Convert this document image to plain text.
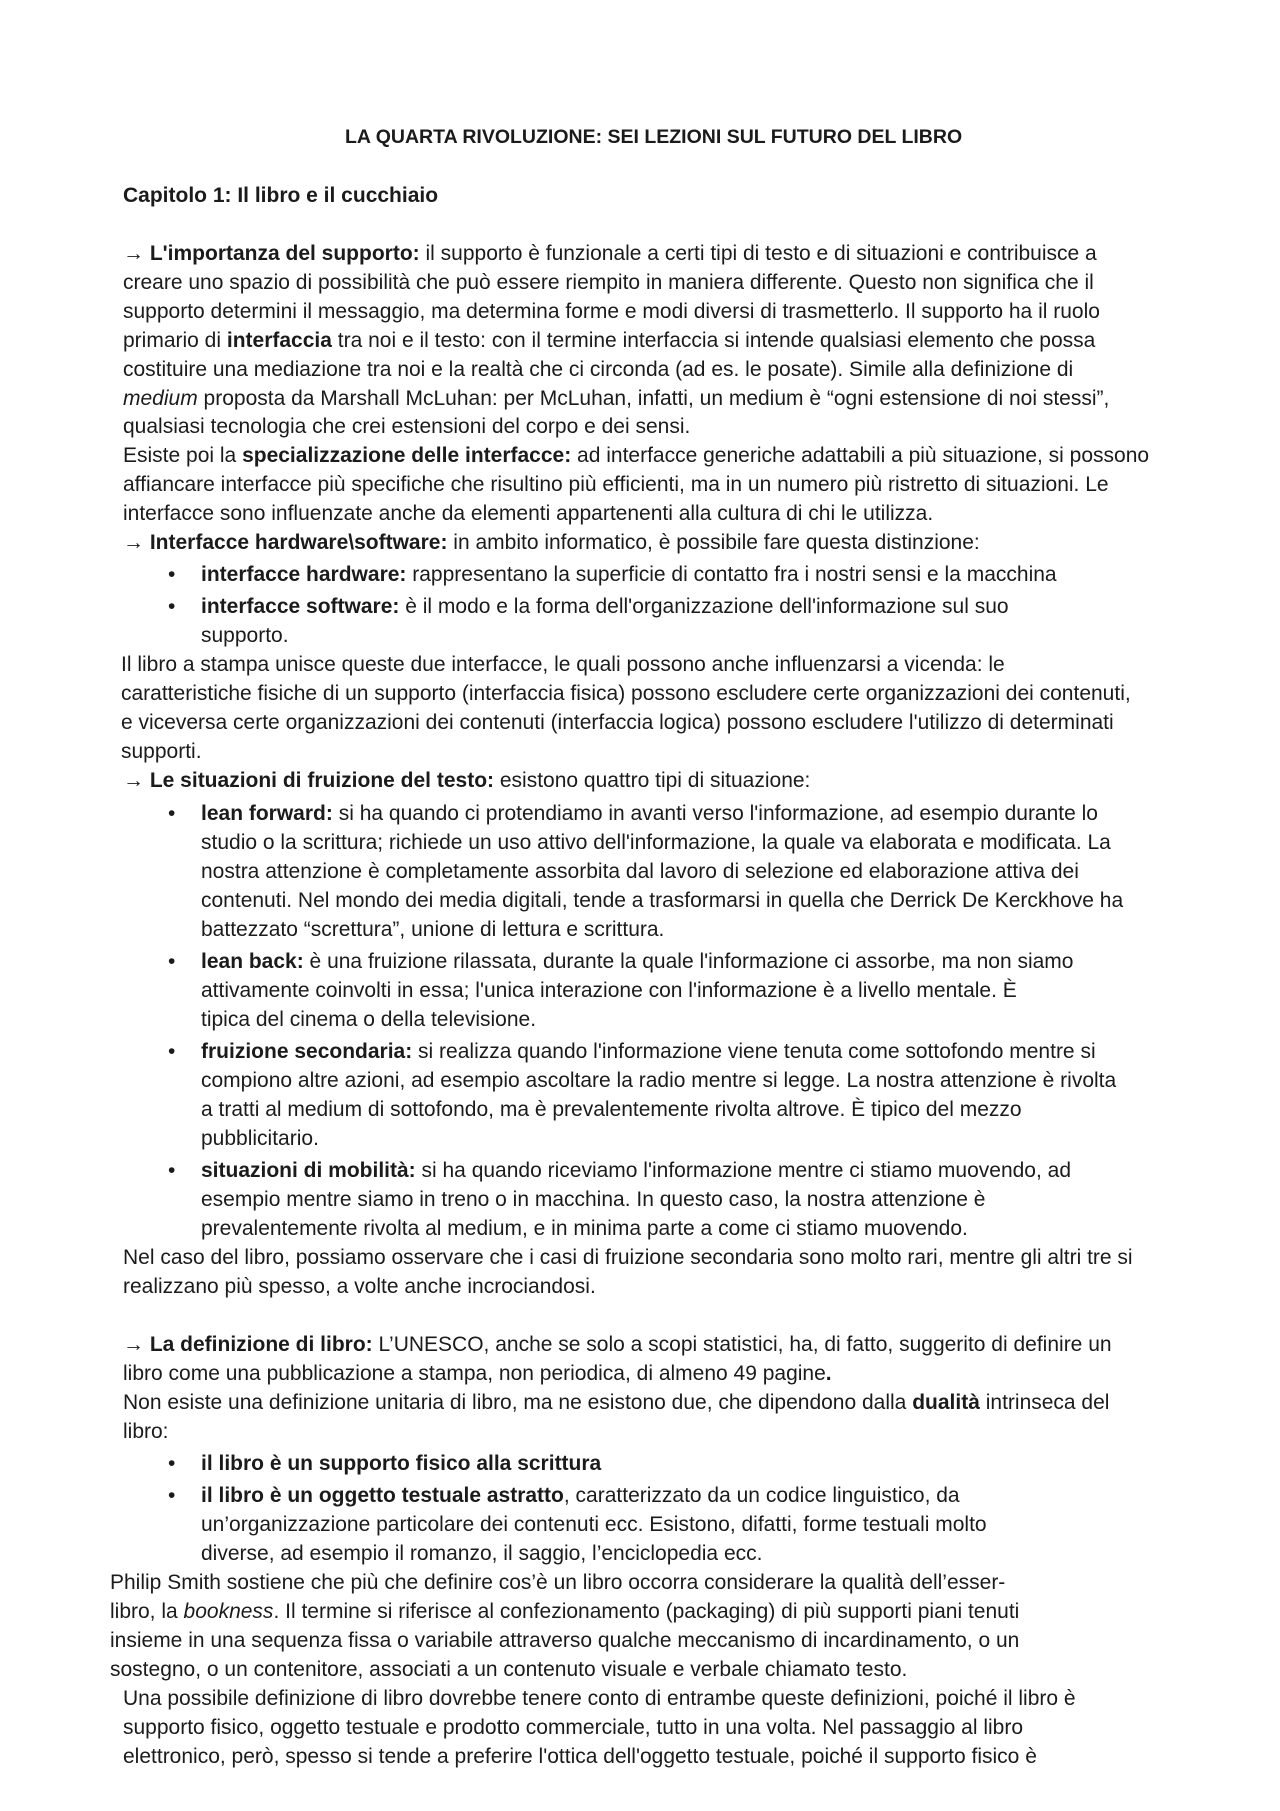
LA QUARTA RIVOLUZIONE: SEI LEZIONI SUL FUTURO DEL LIBRO
Capitolo 1: Il libro e il cucchiaio
→ L'importanza del supporto: il supporto è funzionale a certi tipi di testo e di situazioni e contribuisce a
creare uno spazio di possibilità che può essere riempito in maniera differente. Questo non significa che il
supporto determini il messaggio, ma determina forme e modi diversi di trasmetterlo. Il supporto ha il ruolo
primario di interfaccia tra noi e il testo: con il termine interfaccia si intende qualsiasi elemento che possa
costituire una mediazione tra noi e la realtà che ci circonda (ad es. le posate). Simile alla definizione di
medium proposta da Marshall McLuhan: per McLuhan, infatti, un medium è “ogni estensione di noi stessi”,
qualsiasi tecnologia che crei estensioni del corpo e dei sensi.
Esiste poi la specializzazione delle interfacce: ad interfacce generiche adattabili a più situazione, si possono
affiancare interfacce più specifiche che risultino più efficienti, ma in un numero più ristretto di situazioni. Le
interfacce sono influenzate anche da elementi appartenenti alla cultura di chi le utilizza.
→ Interfacce hardware\software: in ambito informatico, è possibile fare questa distinzione:
•
interfacce hardware: rappresentano la superficie di contatto fra i nostri sensi e la macchina
•
interfacce software: è il modo e la forma dell'organizzazione dell'informazione sul suo
supporto.
Il libro a stampa unisce queste due interfacce, le quali possono anche influenzarsi a vicenda: le
caratteristiche fisiche di un supporto (interfaccia fisica) possono escludere certe organizzazioni dei contenuti,
e viceversa certe organizzazioni dei contenuti (interfaccia logica) possono escludere l'utilizzo di determinati
supporti.
→ Le situazioni di fruizione del testo: esistono quattro tipi di situazione:
•
lean forward: si ha quando ci protendiamo in avanti verso l'informazione, ad esempio durante lo
studio o la scrittura; richiede un uso attivo dell'informazione, la quale va elaborata e modificata. La
nostra attenzione è completamente assorbita dal lavoro di selezione ed elaborazione attiva dei
contenuti. Nel mondo dei media digitali, tende a trasformarsi in quella che Derrick De Kerckhove ha
battezzato “screttura”, unione di lettura e scrittura.
•
lean back: è una fruizione rilassata, durante la quale l'informazione ci assorbe, ma non siamo
attivamente coinvolti in essa; l'unica interazione con l'informazione è a livello mentale. È
tipica del cinema o della televisione.
•
fruizione secondaria: si realizza quando l'informazione viene tenuta come sottofondo mentre si
compiono altre azioni, ad esempio ascoltare la radio mentre si legge. La nostra attenzione è rivolta
a tratti al medium di sottofondo, ma è prevalentemente rivolta altrove. È tipico del mezzo
pubblicitario.
•
situazioni di mobilità: si ha quando riceviamo l'informazione mentre ci stiamo muovendo, ad
esempio mentre siamo in treno o in macchina. In questo caso, la nostra attenzione è
prevalentemente rivolta al medium, e in minima parte a come ci stiamo muovendo.
Nel caso del libro, possiamo osservare che i casi di fruizione secondaria sono molto rari, mentre gli altri tre si
realizzano più spesso, a volte anche incrociandosi.
→ La definizione di libro: L’UNESCO, anche se solo a scopi statistici, ha, di fatto, suggerito di definire un
libro come una pubblicazione a stampa, non periodica, di almeno 49 pagine.
Non esiste una definizione unitaria di libro, ma ne esistono due, che dipendono dalla dualità intrinseca del
libro:
•
il libro è un supporto fisico alla scrittura
•
il libro è un oggetto testuale astratto, caratterizzato da un codice linguistico, da
un’organizzazione particolare dei contenuti ecc. Esistono, difatti, forme testuali molto
diverse, ad esempio il romanzo, il saggio, l’enciclopedia ecc.
Philip Smith sostiene che più che definire cos’è un libro occorra considerare la qualità dell’esser-
libro, la bookness. Il termine si riferisce al confezionamento (packaging) di più supporti piani tenuti
insieme in una sequenza fissa o variabile attraverso qualche meccanismo di incardinamento, o un
sostegno, o un contenitore, associati a un contenuto visuale e verbale chiamato testo.
Una possibile definizione di libro dovrebbe tenere conto di entrambe queste definizioni, poiché il libro è
supporto fisico, oggetto testuale e prodotto commerciale, tutto in una volta. Nel passaggio al libro
elettronico, però, spesso si tende a preferire l'ottica dell'oggetto testuale, poiché il supporto fisico è
